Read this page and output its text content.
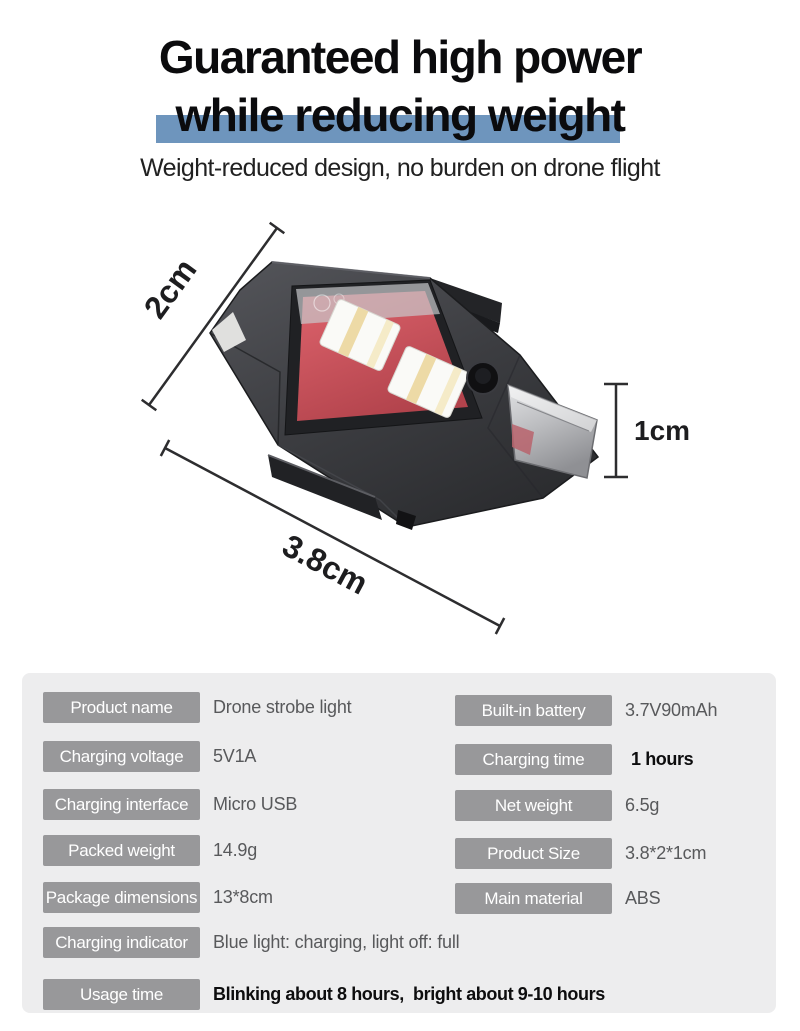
Guaranteed high power
while reducing weight
Weight-reduced design, no burden on drone flight
2cm
3.8cm
1cm
Product name	Drone strobe light
Charging voltage	5V1A
Charging interface	Micro USB
Packed weight	14.9g
Package dimensions 13*8cm
Built-in battery	3.7V90mAh
Charging time	1 hours
Net weight	6.5g
Product Size	3.8*2*1cm
Main material	ABS
Charging indicator	Blue light: charging, light off: full
Usage time	Blinking about 8 hours,  bright about 9-10 hours
